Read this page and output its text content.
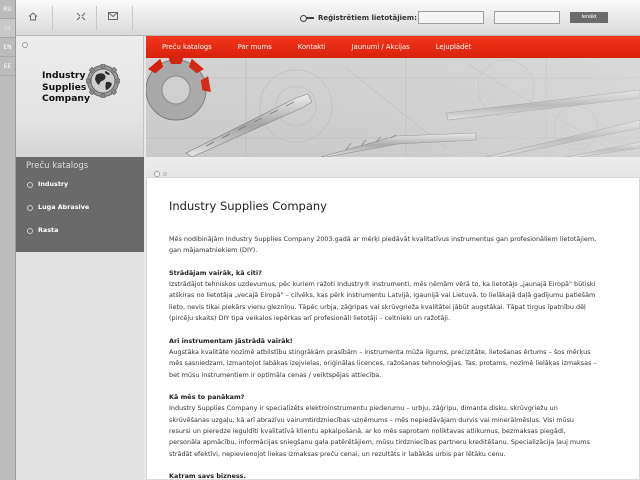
RU
LV
EN
EE
Reģistrētiem lietotājiem:	Ienākt
Industry
Supplies
Company
Preču katalogs	Par mums	Kontakti	Jaunumi / Akcijas	Lejuplādēt
Preču katalogs
Industry
Luga Abrasive
Rasta
Industry Supplies Company

Mēs nodibinājām Industry Supplies Company 2003.gadā ar mērķi piedāvāt kvalitatīvus instrumentus gan profesionāliem lietotājiem, gan mājamatniekiem (DIY).

Strādājam vairāk, kā citi?
Izstrādājot tehniskos uzdevumus, pēc kuriem ražoti Industry® instrumenti, mēs ņēmām vērā to, ka lietotājs „jaunajā Eiropā" būtiski atšķiras no lietotāja „vecajā Eiropā" – cilvēks, kas pērk instrumentu Latvijā, Igaunijā vai Lietuvā, to lielākajā daļā gadījumu patiešām lieto, nevis tikai piekārs vienu gleznīņu. Tāpēc urbja, zāģripas vai skrūvgrieža kvalitātei jābūt augstākai. Tāpat tirgus īpatnību dēļ (pircēju skaits) DIY tipa veikalos iepērkas arī profesionāli lietotāji – celtnieki un ražotāji.

Arī instrumentam jāstrādā vairāk!
Augstāka kvalitāte nozīmē atbilstību stingrākām prasībām – instrumenta mūža ilgums, precizitāte, lietošanas ērtums – šos mērķus mēs sasniedzam, izmantojot labākas izejvielas, oriģinālas licences, ražošanas tehnoloģijas. Tas, protams, nozīmē lielākas izmaksas – bet mūsu instrumentiem ir optimāla cenas / veiktspējas attiecība.

Kā mēs to panākam?
Industry Supplies Company ir specializēts elektroinstrumentu piederumu – urbju, zāģripu, dimanta disku, skrūvgriežu un skrūvēšanas uzgaļu, kā arī abrazīvu vairumtirdzniecības uzņēmums – mēs nepiedāvājam durvis vai minerālmēslus. Visi mūsu resursi un pieredze ieguldīti kvalitatīvā klientu apkalpošanā, ar ko mēs saprotam noliktavas atlikumus, bezmaksas piegādi, personāla apmācību, informācijas sniegšanu gala patērētājiem, mūsu tirdzniecības partneru kreditēšanu. Specializācija ļauj mums strādāt efektīvi, nepievienojot liekas izmaksas preču cenai, un rezultāts ir labākās urbis par lētāku cenu.

Katram savs bizness.
